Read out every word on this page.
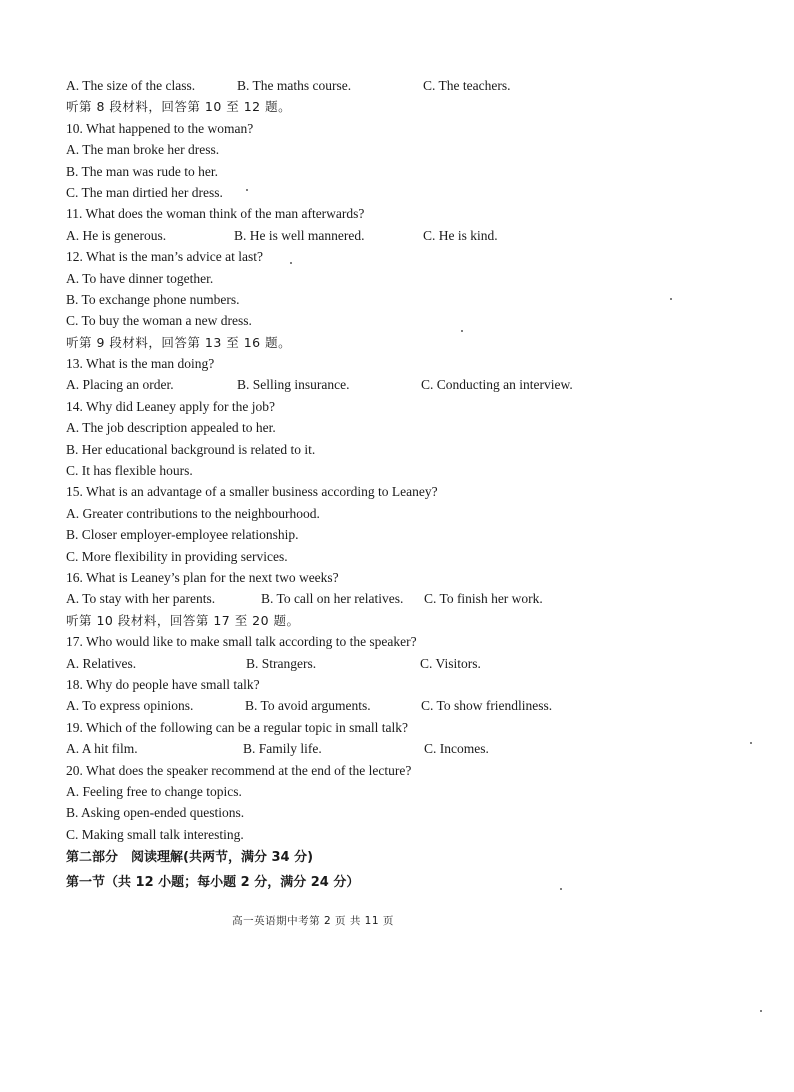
A. The size of the class.	B. The maths course.	C. The teachers.
听第 8 段材料，回答第 10 至 12 题。
10. What happened to the woman?
A. The man broke her dress.
B. The man was rude to her.
C. The man dirtied her dress.
11. What does the woman think of the man afterwards?
A. He is generous.	B. He is well mannered.	C. He is kind.
12. What is the man’s advice at last?
A. To have dinner together.
B. To exchange phone numbers.
C. To buy the woman a new dress.
听第 9 段材料，回答第 13 至 16 题。
13. What is the man doing?
A. Placing an order.	B. Selling insurance.	C. Conducting an interview.
14. Why did Leaney apply for the job?
A. The job description appealed to her.
B. Her educational background is related to it.
C. It has flexible hours.
15. What is an advantage of a smaller business according to Leaney?
A. Greater contributions to the neighbourhood.
B. Closer employer-employee relationship.
C. More flexibility in providing services.
16. What is Leaney’s plan for the next two weeks?
A. To stay with her parents.	B. To call on her relatives. C. To finish her work.
听第 10 段材料，回答第 17 至 20 题。
17. Who would like to make small talk according to the speaker?
A. Relatives.	B. Strangers.	C. Visitors.
18. Why do people have small talk?
A. To express opinions.	B. To avoid arguments.	C. To show friendliness.
19. Which of the following can be a regular topic in small talk?
A. A hit film.	B. Family life.	C. Incomes.
20. What does the speaker recommend at the end of the lecture?
A. Feeling free to change topics.
B. Asking open-ended questions.
C. Making small talk interesting.
第二部分　阅读理解(共两节，满分 34 分)
第一节（共 12 小题；每小题 2 分，满分 24 分）
高一英语期中考第 2 页 共 11 页
